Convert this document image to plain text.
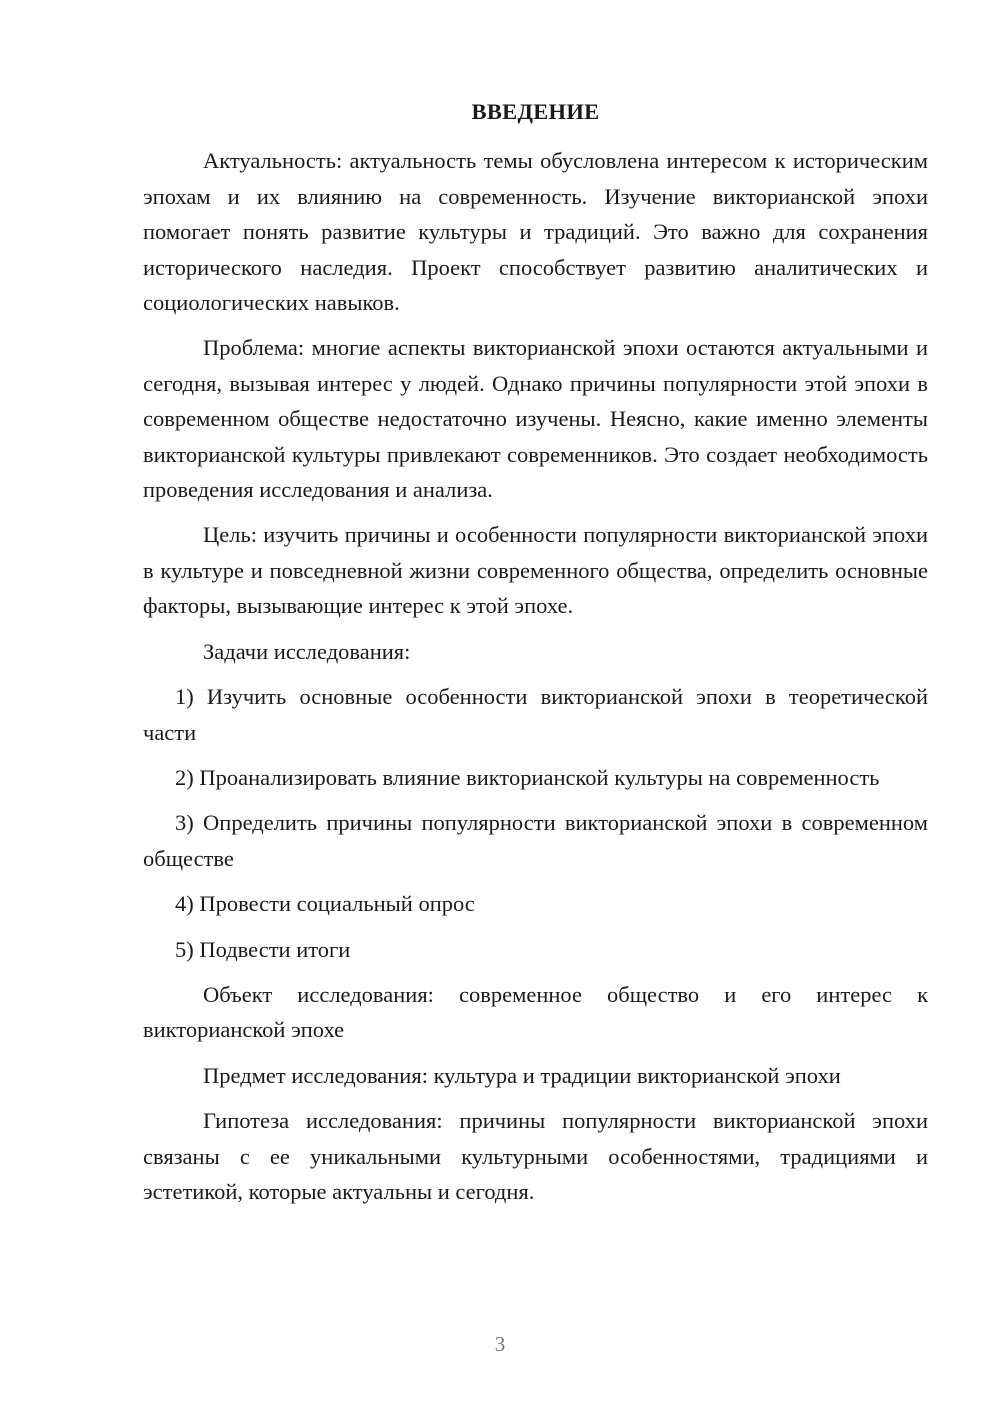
ВВЕДЕНИЕ

Актуальность: актуальность темы обусловлена интересом к историческим эпохам и их влиянию на современность. Изучение викторианской эпохи помогает понять развитие культуры и традиций. Это важно для сохранения исторического наследия. Проект способствует развитию аналитических и социологических навыков.

Проблема: многие аспекты викторианской эпохи остаются актуальными и сегодня, вызывая интерес у людей. Однако причины популярности этой эпохи в современном обществе недостаточно изучены. Неясно, какие именно элементы викторианской культуры привлекают современников. Это создает необходимость проведения исследования и анализа.

Цель: изучить причины и особенности популярности викторианской эпохи в культуре и повседневной жизни современного общества, определить основные факторы, вызывающие интерес к этой эпохе.

Задачи исследования:

1) Изучить основные особенности викторианской эпохи в теоретической части

2) Проанализировать влияние викторианской культуры на современность

3) Определить причины популярности викторианской эпохи в современном обществе

4) Провести социальный опрос

5) Подвести итоги

Объект исследования: современное общество и его интерес к викторианской эпохе

Предмет исследования: культура и традиции викторианской эпохи

Гипотеза исследования: причины популярности викторианской эпохи связаны с ее уникальными культурными особенностями, традициями и эстетикой, которые актуальны и сегодня.

3
